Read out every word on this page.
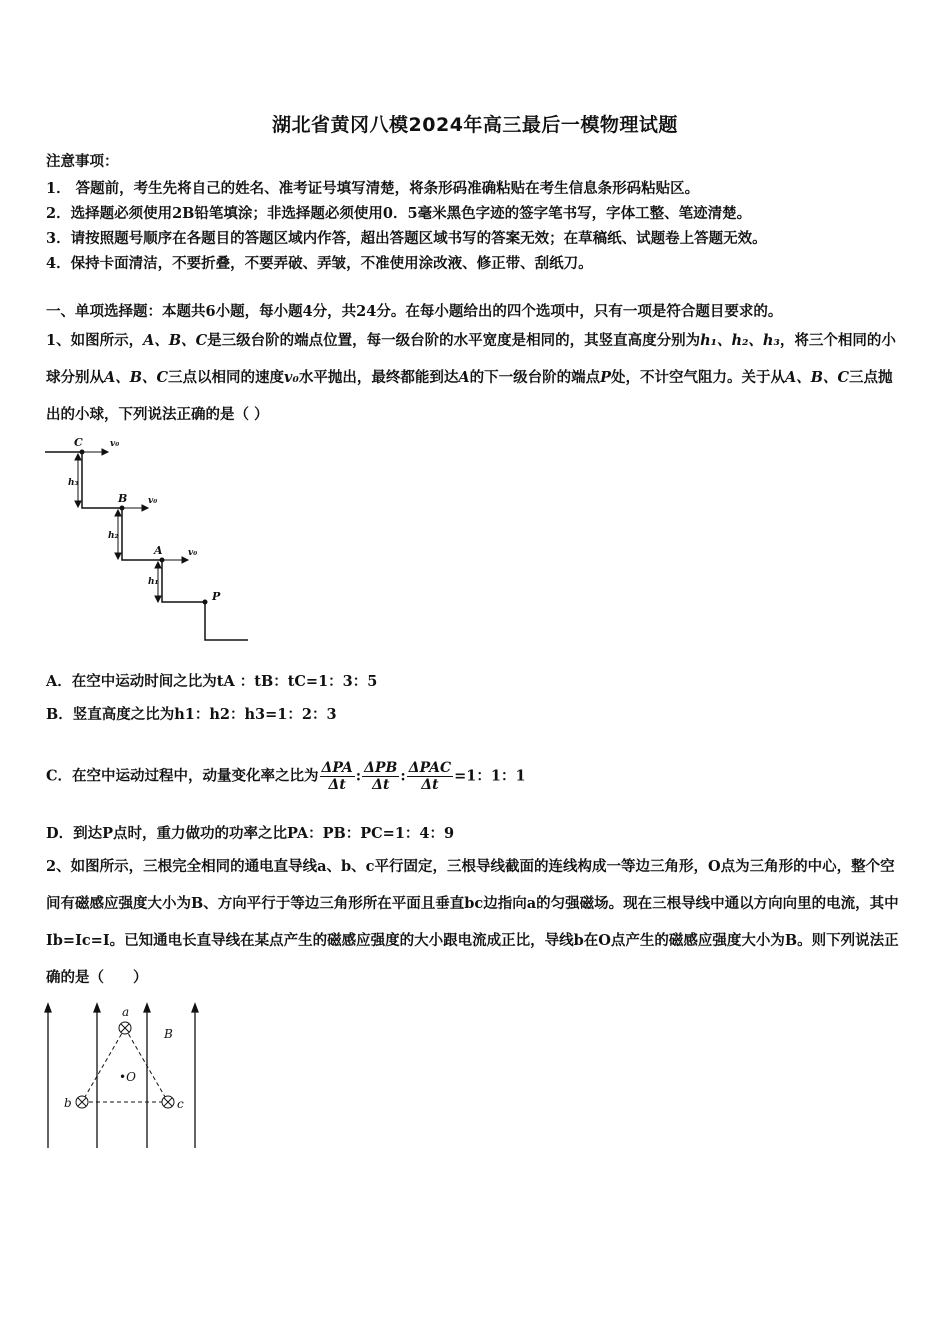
湖北省黄冈八模2024年高三最后一模物理试题
注意事项：
1． 答题前，考生先将自己的姓名、准考证号填写清楚，将条形码准确粘贴在考生信息条形码粘贴区。
2．选择题必须使用2B铅笔填涂；非选择题必须使用0．5毫米黑色字迹的签字笔书写，字体工整、笔迹清楚。
3．请按照题号顺序在各题目的答题区域内作答，超出答题区域书写的答案无效；在草稿纸、试题卷上答题无效。
4．保持卡面清洁，不要折叠，不要弄破、弄皱，不准使用涂改液、修正带、刮纸刀。
一、单项选择题：本题共6小题，每小题4分，共24分。在每小题给出的四个选项中，只有一项是符合题目要求的。
1、如图所示，A、B、C是三级台阶的端点位置，每一级台阶的水平宽度是相同的，其竖直高度分别为h₁、h₂、h₃，将三个相同的小球分别从A、B、C三点以相同的速度v₀水平抛出，最终都能到达A的下一级台阶的端点P处，不计空气阻力。关于从A、B、C三点抛出的小球，下列说法正确的是（ ）
C	v₀
B v₀
A	v₀
P
h₃
h₂
h₁
A．在空中运动时间之比为tA ：tB：tC=1：3：5
B．竖直高度之比为h1：h2：h3=1：2：3
C．在空中运动过程中，动量变化率之比为 $\frac{\text{ΔPA}}{\Delta t}$ : $\frac{\text{ΔPB}}{\Delta t}$ : $\frac{\text{ΔPAC}}{\Delta t} =1$：1：1
D．到达P点时，重力做功的功率之比PA：PB：PC=1：4：9
2、如图所示，三根完全相同的通电直导线a、b、c平行固定，三根导线截面的连线构成一等边三角形，O点为三角形的中心，整个空间有磁感应强度大小为B、方向平行于等边三角形所在平面且垂直bc边指向a的匀强磁场。现在三根导线中通以方向向里的电流，其中Ib=Ic=I。已知通电长直导线在某点产生的磁感应强度的大小跟电流成正比，导线b在O点产生的磁感应强度大小为B。则下列说法正确的是（　　）
a
b	c
•O
B
